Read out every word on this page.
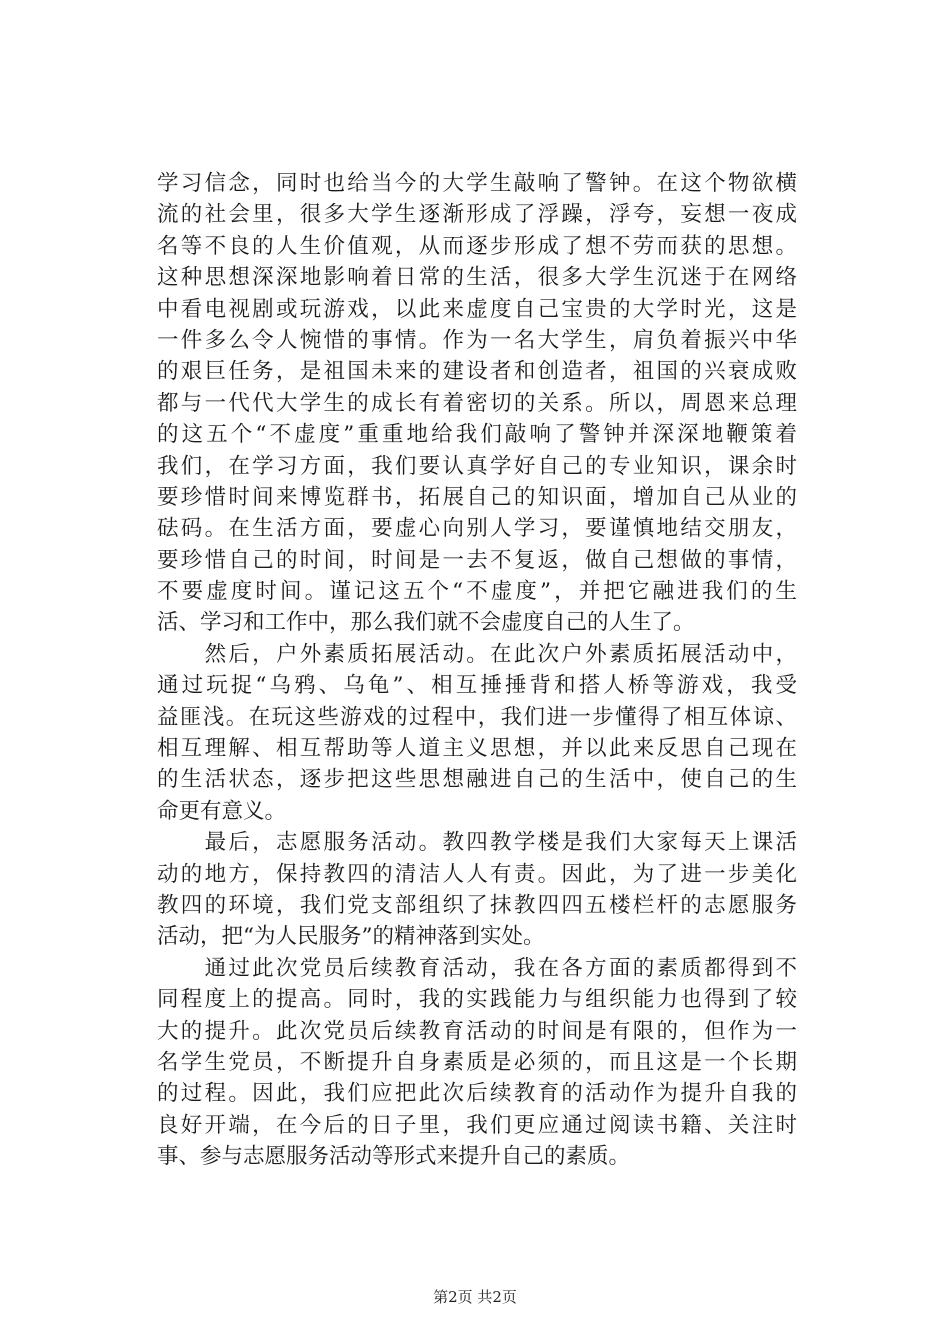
学习信念，同时也给当今的大学生敲响了警钟。在这个物欲横
流的社会里，很多大学生逐渐形成了浮躁，浮夸，妄想一夜成
名等不良的人生价值观，从而逐步形成了想不劳而获的思想。
这种思想深深地影响着日常的生活，很多大学生沉迷于在网络
中看电视剧或玩游戏，以此来虚度自己宝贵的大学时光，这是
一件多么令人惋惜的事情。作为一名大学生，肩负着振兴中华
的艰巨任务，是祖国未来的建设者和创造者，祖国的兴衰成败
都与一代代大学生的成长有着密切的关系。所以，周恩来总理
的这五个“不虚度”重重地给我们敲响了警钟并深深地鞭策着
我们，在学习方面，我们要认真学好自己的专业知识，课余时
要珍惜时间来博览群书，拓展自己的知识面，增加自己从业的
砝码。在生活方面，要虚心向别人学习，要谨慎地结交朋友，
要珍惜自己的时间，时间是一去不复返，做自己想做的事情，
不要虚度时间。谨记这五个“不虚度”，并把它融进我们的生
活、学习和工作中，那么我们就不会虚度自己的人生了。
　　然后，户外素质拓展活动。在此次户外素质拓展活动中，
通过玩捉“乌鸦、乌龟”、相互捶捶背和搭人桥等游戏，我受
益匪浅。在玩这些游戏的过程中，我们进一步懂得了相互体谅、
相互理解、相互帮助等人道主义思想，并以此来反思自己现在
的生活状态，逐步把这些思想融进自己的生活中，使自己的生
命更有意义。
　　最后，志愿服务活动。教四教学楼是我们大家每天上课活
动的地方，保持教四的清洁人人有责。因此，为了进一步美化
教四的环境，我们党支部组织了抹教四四五楼栏杆的志愿服务
活动，把“为人民服务”的精神落到实处。
　　通过此次党员后续教育活动，我在各方面的素质都得到不
同程度上的提高。同时，我的实践能力与组织能力也得到了较
大的提升。此次党员后续教育活动的时间是有限的，但作为一
名学生党员，不断提升自身素质是必须的，而且这是一个长期
的过程。因此，我们应把此次后续教育的活动作为提升自我的
良好开端，在今后的日子里，我们更应通过阅读书籍、关注时
事、参与志愿服务活动等形式来提升自己的素质。
第2页 共2页
